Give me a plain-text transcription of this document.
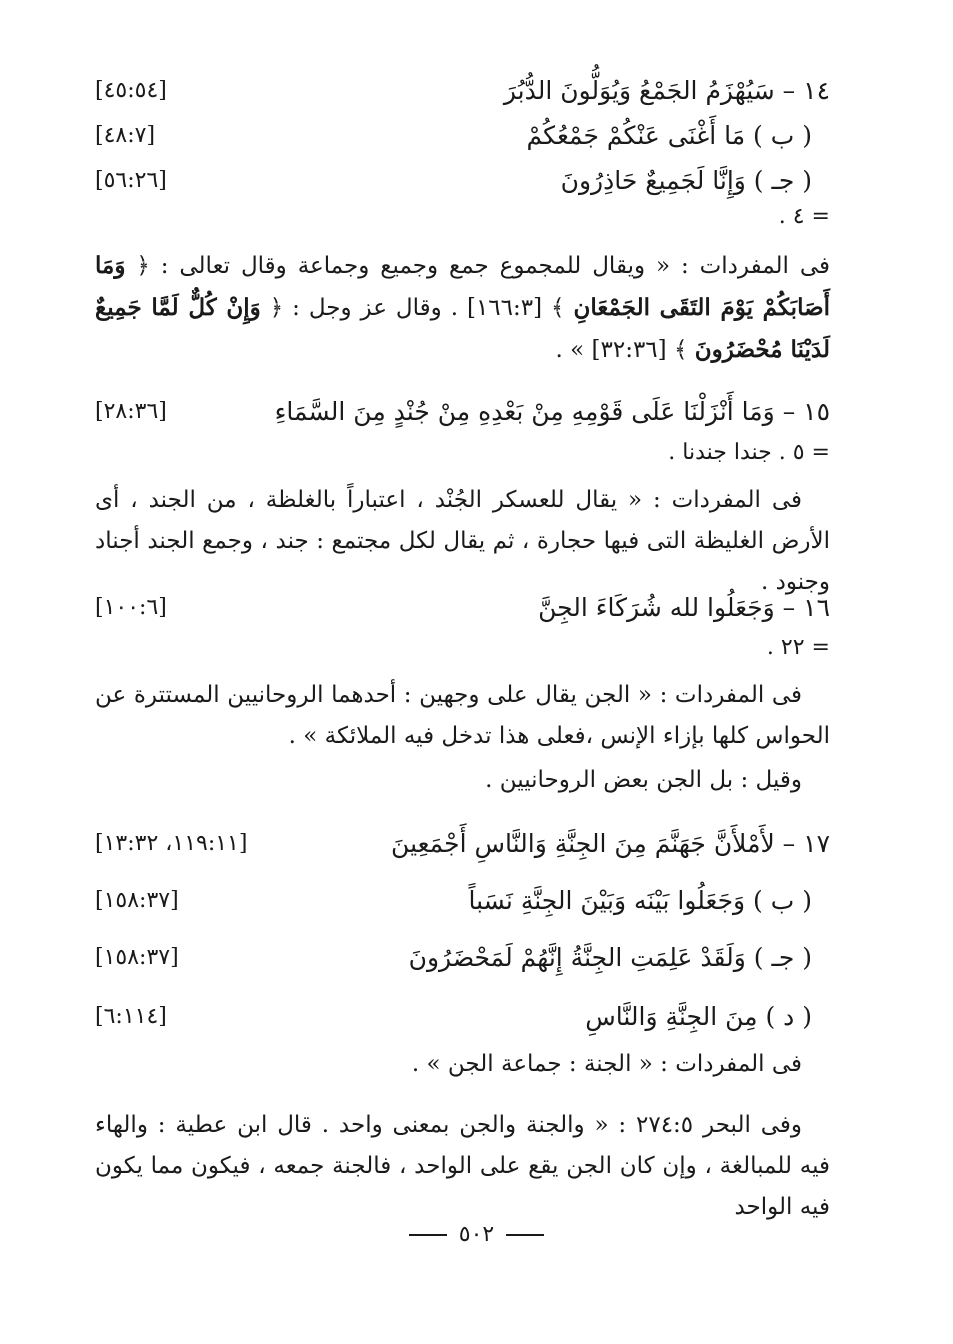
١٤ – سَيُهْزَمُ الجَمْعُ وَيُوَلُّونَ الدُّبُرَ
[٤٥:٥٤]
( ب ) مَا أَغْنَى عَنْكُمْ جَمْعُكُمْ
[٤٨:٧]
( جـ ) وَإِنَّا لَجَمِيعٌ حَاذِرُونَ
[٥٦:٢٦]
= ٤ .

فى المفردات : « ويقال للمجموع جمع وجميع وجماعة وقال تعالى : ﴿ وَمَا أَصَابَكُمْ يَوْمَ التَقَى الجَمْعَانِ ﴾ [١٦٦:٣] . وقال عز وجل : ﴿ وَإِنْ كُلٌّ لَمَّا جَمِيعٌ لَدَيْنَا مُحْضَرُونَ ﴾ [٣٢:٣٦] » .

١٥ – وَمَا أَنْزَلْنَا عَلَى قَوْمِهِ مِنْ بَعْدِهِ مِنْ جُنْدٍ مِنَ السَّمَاءِ
[٢٨:٣٦]
= ٥ . جندا جندنا .

فى المفردات : « يقال للعسكر الجُنْد ، اعتباراً بالغلظة ، من الجند ، أى الأرض الغليظة التى فيها حجارة ، ثم يقال لكل مجتمع : جند ، وجمع الجند أجناد وجنود .

١٦ – وَجَعَلُوا لله شُرَكَاءَ الجِنَّ
[١٠٠:٦]
= ٢٢ .

فى المفردات : « الجن يقال على وجهين : أحدهما الروحانيين المستترة عن الحواس كلها بإزاء الإنس ،فعلى هذا تدخل فيه الملائكة » .

وقيل : بل الجن بعض الروحانيين .

١٧ – لأَمْلأَنَّ جَهَنَّمَ مِنَ الجِنَّةِ وَالنَّاسِ أَجْمَعِينَ
[١١٩:١١، ١٣:٣٢]
( ب ) وَجَعَلُوا بَيْنَه وَبَيْنَ الجِنَّةِ نَسَباً
[١٥٨:٣٧]
( جـ ) وَلَقَدْ عَلِمَتِ الجِنَّةُ إِنَّهُمْ لَمَحْضَرُونَ
[١٥٨:٣٧]
( د ) مِنَ الجِنَّةِ وَالنَّاسِ
[٦:١١٤]

فى المفردات : « الجنة : جماعة الجن » .

وفى البحر ٢٧٤:٥ : « والجنة والجن بمعنى واحد . قال ابن عطية : والهاء فيه للمبالغة ، وإن كان الجن يقع على الواحد ، فالجنة جمعه ، فيكون مما يكون فيه الواحد

٥٠٢
